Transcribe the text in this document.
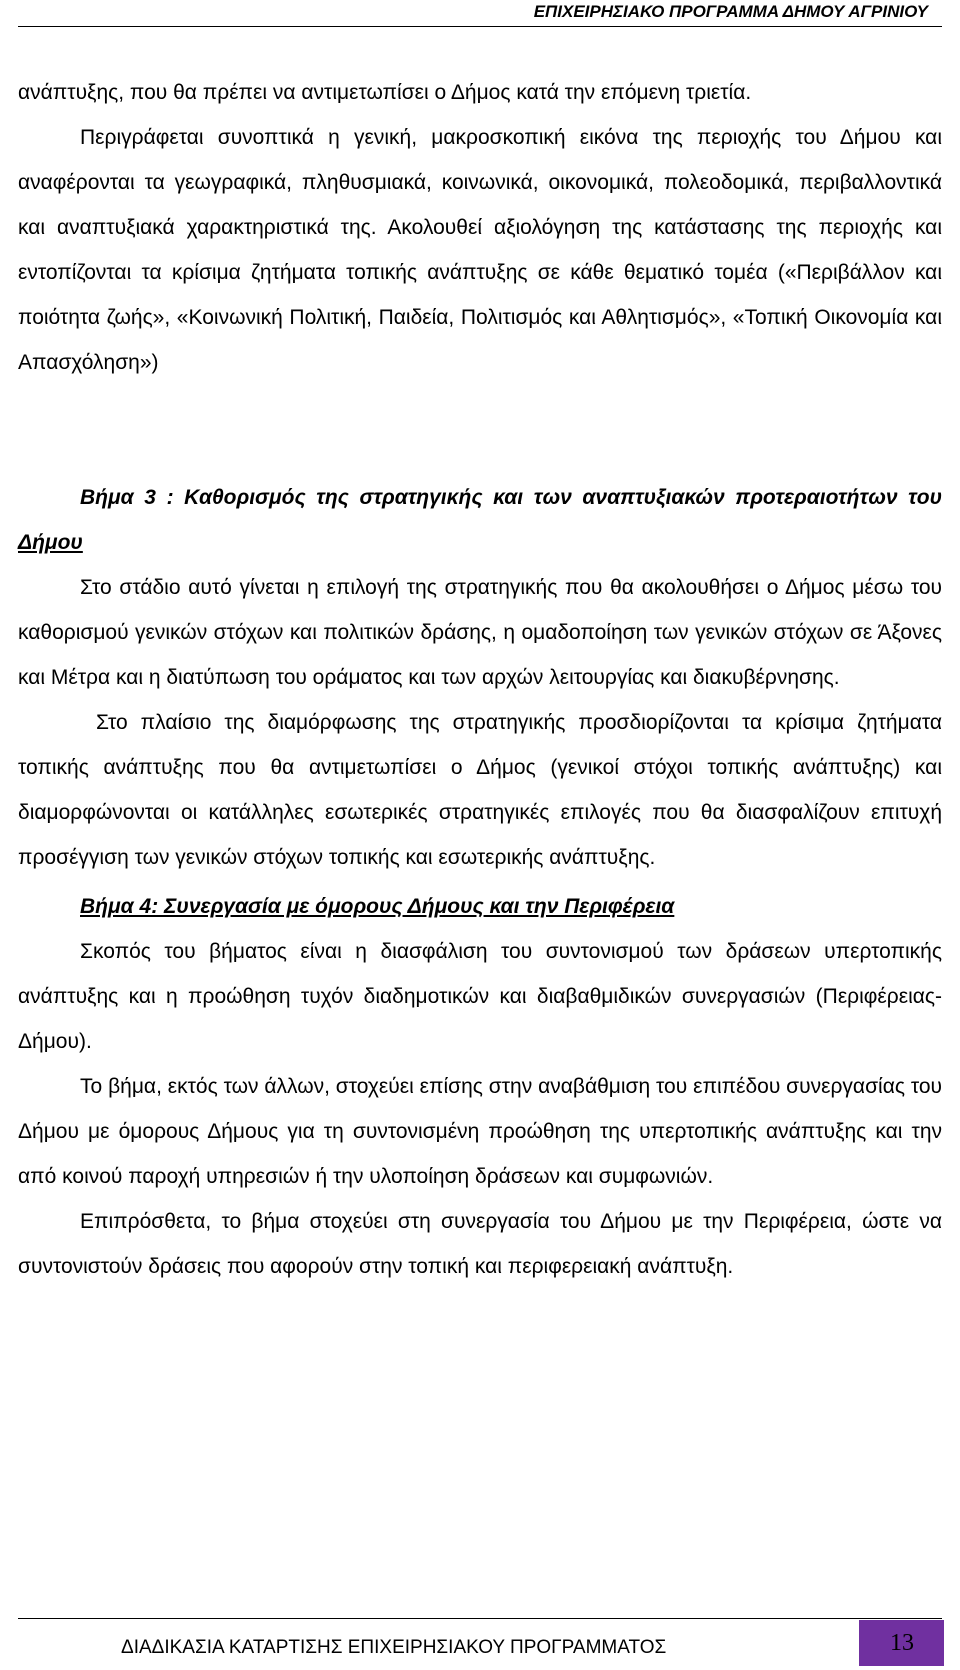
ΕΠΙΧΕΙΡΗΣΙΑΚΟ ΠΡΟΓΡΑΜΜΑ ΔΗΜΟΥ ΑΓΡΙΝΙΟΥ

ανάπτυξης, που θα πρέπει να αντιμετωπίσει ο Δήμος κατά την επόμενη τριετία.

Περιγράφεται συνοπτικά η γενική, μακροσκοπική εικόνα της περιοχής του Δήμου και αναφέρονται τα γεωγραφικά, πληθυσμιακά, κοινωνικά, οικονομικά, πολεοδομικά, περιβαλλοντικά και αναπτυξιακά χαρακτηριστικά της. Ακολουθεί αξιολόγηση της κατάστασης της περιοχής και εντοπίζονται τα κρίσιμα ζητήματα τοπικής ανάπτυξης σε κάθε θεματικό τομέα («Περιβάλλον και ποιότητα ζωής», «Κοινωνική Πολιτική, Παιδεία, Πολιτισμός και Αθλητισμός», «Τοπική Οικονομία και Απασχόληση»)

Βήμα 3 : Καθορισμός της στρατηγικής και των αναπτυξιακών προτεραιοτήτων του Δήμου

Στο στάδιο αυτό γίνεται η επιλογή της στρατηγικής που θα ακολουθήσει ο Δήμος μέσω του καθορισμού γενικών στόχων και πολιτικών δράσης, η ομαδοποίηση των γενικών στόχων σε Άξονες και Μέτρα και η διατύπωση του οράματος και των αρχών λειτουργίας και διακυβέρνησης.

Στο πλαίσιο της διαμόρφωσης της στρατηγικής προσδιορίζονται τα κρίσιμα ζητήματα τοπικής ανάπτυξης που θα αντιμετωπίσει ο Δήμος (γενικοί στόχοι τοπικής ανάπτυξης) και διαμορφώνονται οι κατάλληλες εσωτερικές στρατηγικές επιλογές που θα διασφαλίζουν επιτυχή προσέγγιση των γενικών στόχων τοπικής και εσωτερικής ανάπτυξης.

Βήμα 4: Συνεργασία με όμορους Δήμους και την Περιφέρεια

Σκοπός του βήματος είναι η διασφάλιση του συντονισμού των δράσεων υπερτοπικής ανάπτυξης και η προώθηση τυχόν διαδημοτικών και διαβαθμιδικών συνεργασιών (Περιφέρειας-Δήμου).

Το βήμα, εκτός των άλλων, στοχεύει επίσης στην αναβάθμιση του επιπέδου συνεργασίας του Δήμου με όμορους Δήμους για τη συντονισμένη προώθηση της υπερτοπικής ανάπτυξης και την από κοινού παροχή υπηρεσιών ή την υλοποίηση δράσεων και συμφωνιών.

Επιπρόσθετα, το βήμα στοχεύει στη συνεργασία του Δήμου με την Περιφέρεια, ώστε να συντονιστούν δράσεις που αφορούν στην τοπική και περιφερειακή ανάπτυξη.

ΔΙΑΔΙΚΑΣΙΑ ΚΑΤΑΡΤΙΣΗΣ ΕΠΙΧΕΙΡΗΣΙΑΚΟΥ ΠΡΟΓΡΑΜΜΑΤΟΣ	13
